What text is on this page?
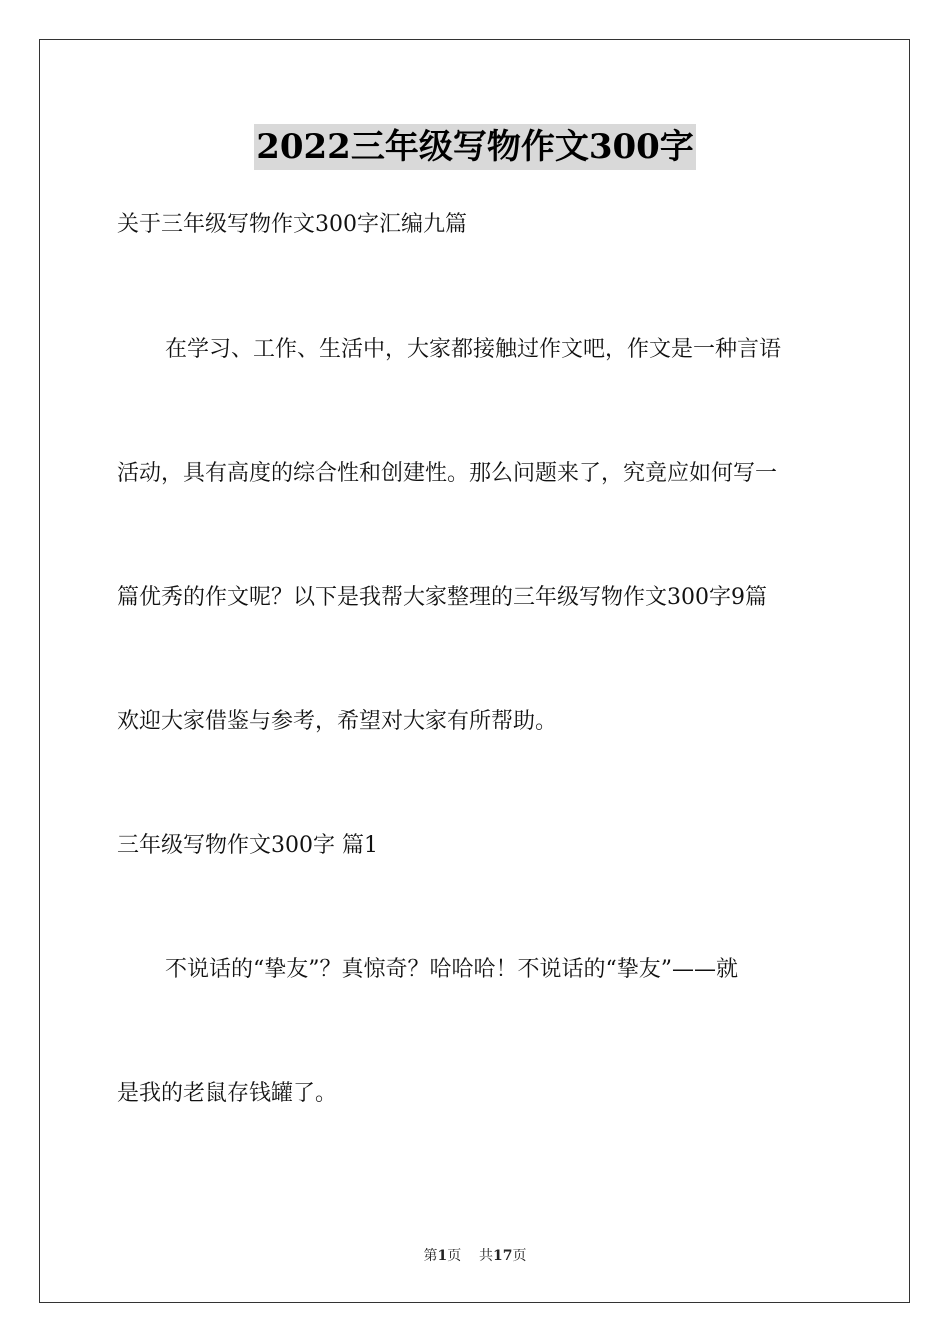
2022三年级写物作文300字
关于三年级写物作文300字汇编九篇
在学习、工作、生活中，大家都接触过作文吧，作文是一种言语
活动，具有高度的综合性和创建性。那么问题来了，究竟应如何写一
篇优秀的作文呢？以下是我帮大家整理的三年级写物作文300字9篇
欢迎大家借鉴与参考，希望对大家有所帮助。
三年级写物作文300字 篇1
不说话的“挚友”？真惊奇？哈哈哈！不说话的“挚友”——就
是我的老鼠存钱罐了。
第1页 共17页
